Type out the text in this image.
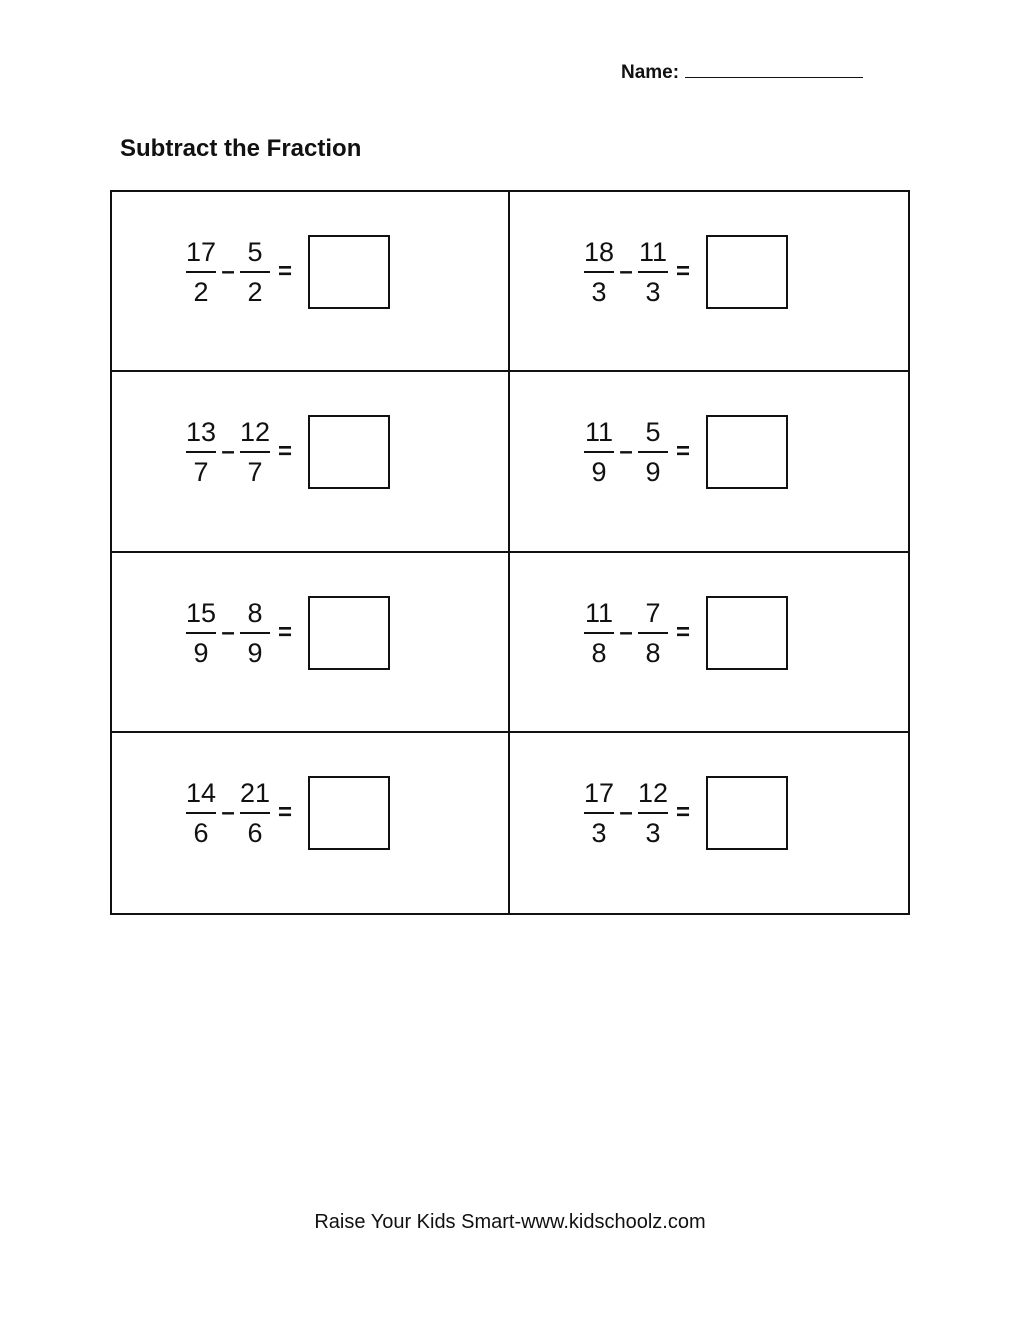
Name:
Subtract the Fraction
$\frac{17}{2} - \frac{5}{2}$ =	$\frac{18}{3} - \frac{11}{3}$ =
$\frac{13}{7} - \frac{12}{7}$ =	$\frac{11}{9} - \frac{5}{9}$ =
$\frac{15}{9} - \frac{8}{9}$ =	$\frac{11}{8} - \frac{7}{8}$ =
$\frac{14}{6} - \frac{21}{6}$ =	$\frac{17}{3} - \frac{12}{3}$ =
Raise Your Kids Smart-www.kidschoolz.com
